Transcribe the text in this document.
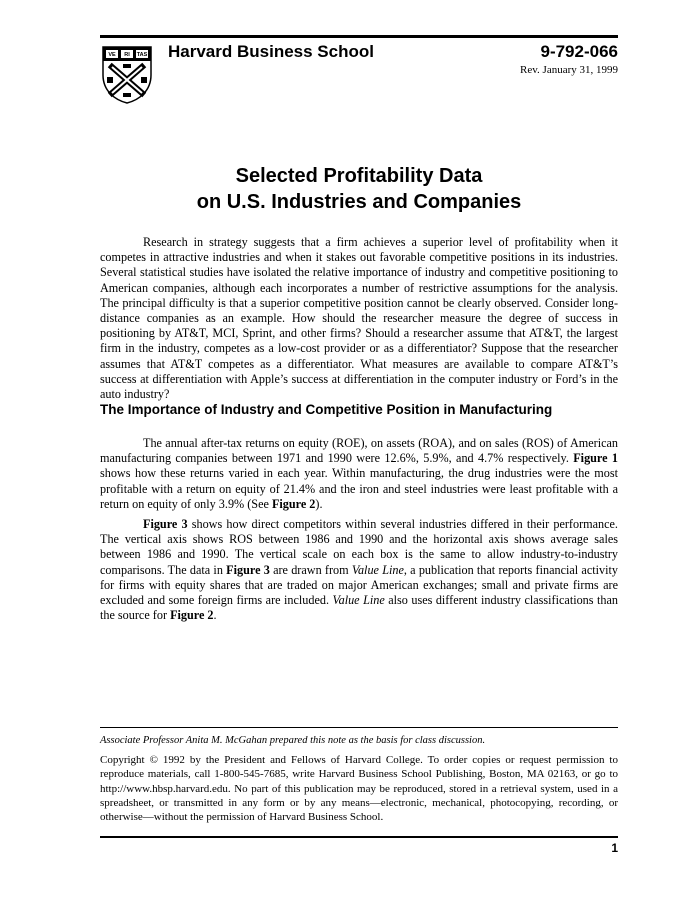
VE RI TAS Harvard Business School	9-792-066
Rev. January 31, 1999
Selected Profitability Data
on U.S. Industries and Companies

Research in strategy suggests that a firm achieves a superior level of profitability when it competes in attractive industries and when it stakes out favorable competitive positions in its industries. Several statistical studies have isolated the relative importance of industry and competitive positioning to American companies, although each incorporates a number of restrictive assumptions for the analysis. The principal difficulty is that a superior competitive position cannot be clearly observed. Consider long-distance companies as an example. How should the researcher measure the degree of success in positioning by AT&T, MCI, Sprint, and other firms? Should a researcher assume that AT&T, the largest firm in the industry, competes as a low-cost provider or as a differentiator? Suppose that the researcher assumes that AT&T competes as a differentiator. What measures are available to compare AT&T’s success at differentiation with Apple’s success at differentiation in the computer industry or Ford’s in the auto industry?

The Importance of Industry and Competitive Position in Manufacturing

The annual after-tax returns on equity (ROE), on assets (ROA), and on sales (ROS) of American manufacturing companies between 1971 and 1990 were 12.6%, 5.9%, and 4.7% respectively. Figure 1 shows how these returns varied in each year. Within manufacturing, the drug industries were the most profitable with a return on equity of 21.4% and the iron and steel industries were least profitable with a return on equity of only 3.9% (See Figure 2).

Figure 3 shows how direct competitors within several industries differed in their performance. The vertical axis shows ROS between 1986 and 1990 and the horizontal axis shows average sales between 1986 and 1990. The vertical scale on each box is the same to allow industry-to-industry comparisons. The data in Figure 3 are drawn from Value Line, a publication that reports financial activity for firms with equity shares that are traded on major American exchanges; small and private firms are excluded and some foreign firms are included. Value Line also uses different industry classifications than the source for Figure 2.

Associate Professor Anita M. McGahan prepared this note as the basis for class discussion.

Copyright © 1992 by the President and Fellows of Harvard College. To order copies or request permission to reproduce materials, call 1-800-545-7685, write Harvard Business School Publishing, Boston, MA 02163, or go to http://www.hbsp.harvard.edu. No part of this publication may be reproduced, stored in a retrieval system, used in a spreadsheet, or transmitted in any form or by any means—electronic, mechanical, photocopying, recording, or otherwise—without the permission of Harvard Business School.

1
